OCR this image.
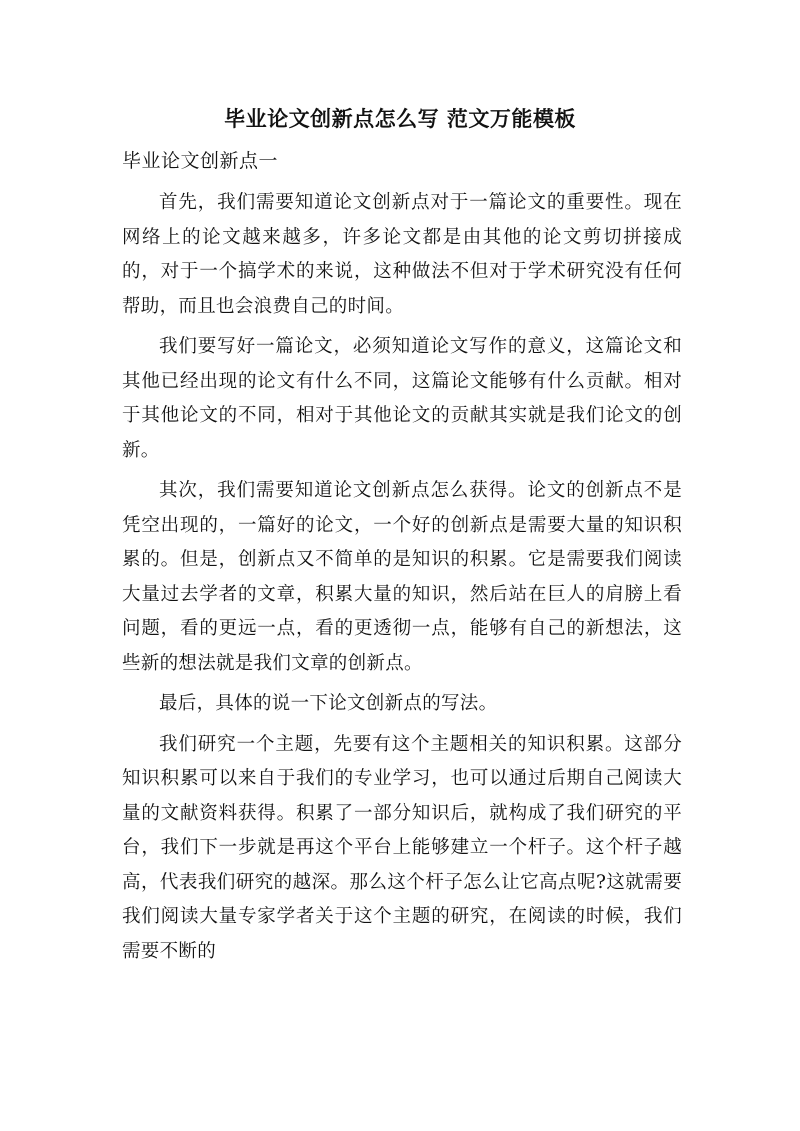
毕业论文创新点怎么写 范文万能模板
毕业论文创新点一

首先，我们需要知道论文创新点对于一篇论文的重要性。现在网络上的论文越来越多，许多论文都是由其他的论文剪切拼接成的，对于一个搞学术的来说，这种做法不但对于学术研究没有任何帮助，而且也会浪费自己的时间。

我们要写好一篇论文，必须知道论文写作的意义，这篇论文和其他已经出现的论文有什么不同，这篇论文能够有什么贡献。相对于其他论文的不同，相对于其他论文的贡献其实就是我们论文的创新。

其次，我们需要知道论文创新点怎么获得。论文的创新点不是凭空出现的，一篇好的论文，一个好的创新点是需要大量的知识积累的。但是，创新点又不简单的是知识的积累。它是需要我们阅读大量过去学者的文章，积累大量的知识，然后站在巨人的肩膀上看问题，看的更远一点，看的更透彻一点，能够有自己的新想法，这些新的想法就是我们文章的创新点。

最后，具体的说一下论文创新点的写法。

我们研究一个主题，先要有这个主题相关的知识积累。这部分知识积累可以来自于我们的专业学习，也可以通过后期自己阅读大量的文献资料获得。积累了一部分知识后，就构成了我们研究的平台，我们下一步就是再这个平台上能够建立一个杆子。这个杆子越高，代表我们研究的越深。那么这个杆子怎么让它高点呢?这就需要我们阅读大量专家学者关于这个主题的研究，在阅读的时候，我们需要不断的
